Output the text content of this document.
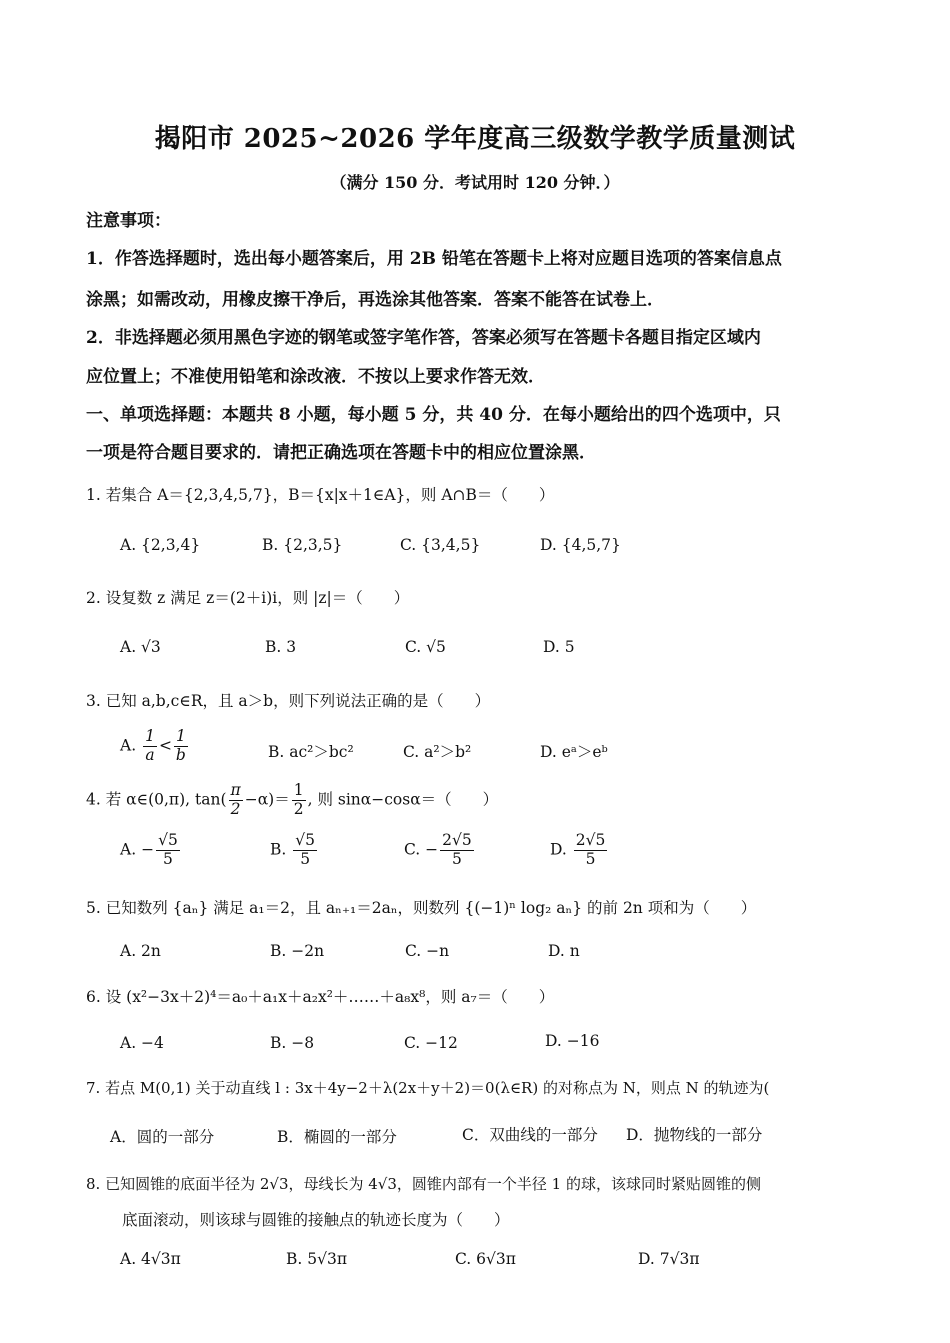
揭阳市 2025~2026 学年度高三级数学教学质量测试
（满分 150 分．考试用时 120 分钟．）
注意事项：
1．作答选择题时，选出每小题答案后，用 2B 铅笔在答题卡上将对应题目选项的答案信息点
涂黑；如需改动，用橡皮擦干净后，再选涂其他答案．答案不能答在试卷上．
2．非选择题必须用黑色字迹的钢笔或签字笔作答，答案必须写在答题卡各题目指定区域内
应位置上；不准使用铅笔和涂改液．不按以上要求作答无效．
一、单项选择题：本题共 8 小题，每小题 5 分，共 40 分．在每小题给出的四个选项中，只
一项是符合题目要求的．请把正确选项在答题卡中的相应位置涂黑．
1. 若集合 A＝{2,3,4,5,7}，B＝{x|x＋1∈A}，则 A∩B＝（　　）
A. {2,3,4}	B. {2,3,5}	C. {3,4,5}	D. {4,5,7}
2. 设复数 z 满足 z＝(2＋i)i，则 |z|＝（　　）
A. √3	B. 3	C. √5	D. 5
3. 已知 a,b,c∈R，且 a＞b，则下列说法正确的是（　　）
A. $\frac{1}{a} < \frac{1}{b}$	B. ac²＞bc²	C. a²＞b²	D. eᵃ＞eᵇ
4. 若 α∈(0,π), $\tan( \frac{\pi}{2} -\alpha)= \frac{1}{2}$ , 则 sinα−cosα＝（　　）
A. − $\frac{√5}{5}$	B. $\frac{√5}{5}$	C. − $\frac{2√5}{5}$	D. $\frac{2√5}{5}$
5. 已知数列 {aₙ} 满足 a₁＝2，且 aₙ₊₁＝2aₙ，则数列 {(−1)ⁿ log₂ aₙ} 的前 2n 项和为（　　）
A. 2n	B. −2n	C. −n	D. n
6. 设 (x²−3x＋2)⁴＝a₀＋a₁x＋a₂x²＋……＋a₈x⁸，则 a₇＝（　　）
A. −4	B. −8	C. −12	D. −16
7. 若点 M(0,1) 关于动直线 l : 3x＋4y−2＋λ(2x＋y＋2)＝0(λ∈R) 的对称点为 N，则点 N 的轨迹为(
A．圆的一部分	B．椭圆的一部分	C．双曲线的一部分 D．抛物线的一部分
8. 已知圆锥的底面半径为 2√3，母线长为 4√3，圆锥内部有一个半径 1 的球，该球同时紧贴圆锥的侧
底面滚动，则该球与圆锥的接触点的轨迹长度为（　　）
A. 4√3π	B. 5√3π	C. 6√3π	D. 7√3π
